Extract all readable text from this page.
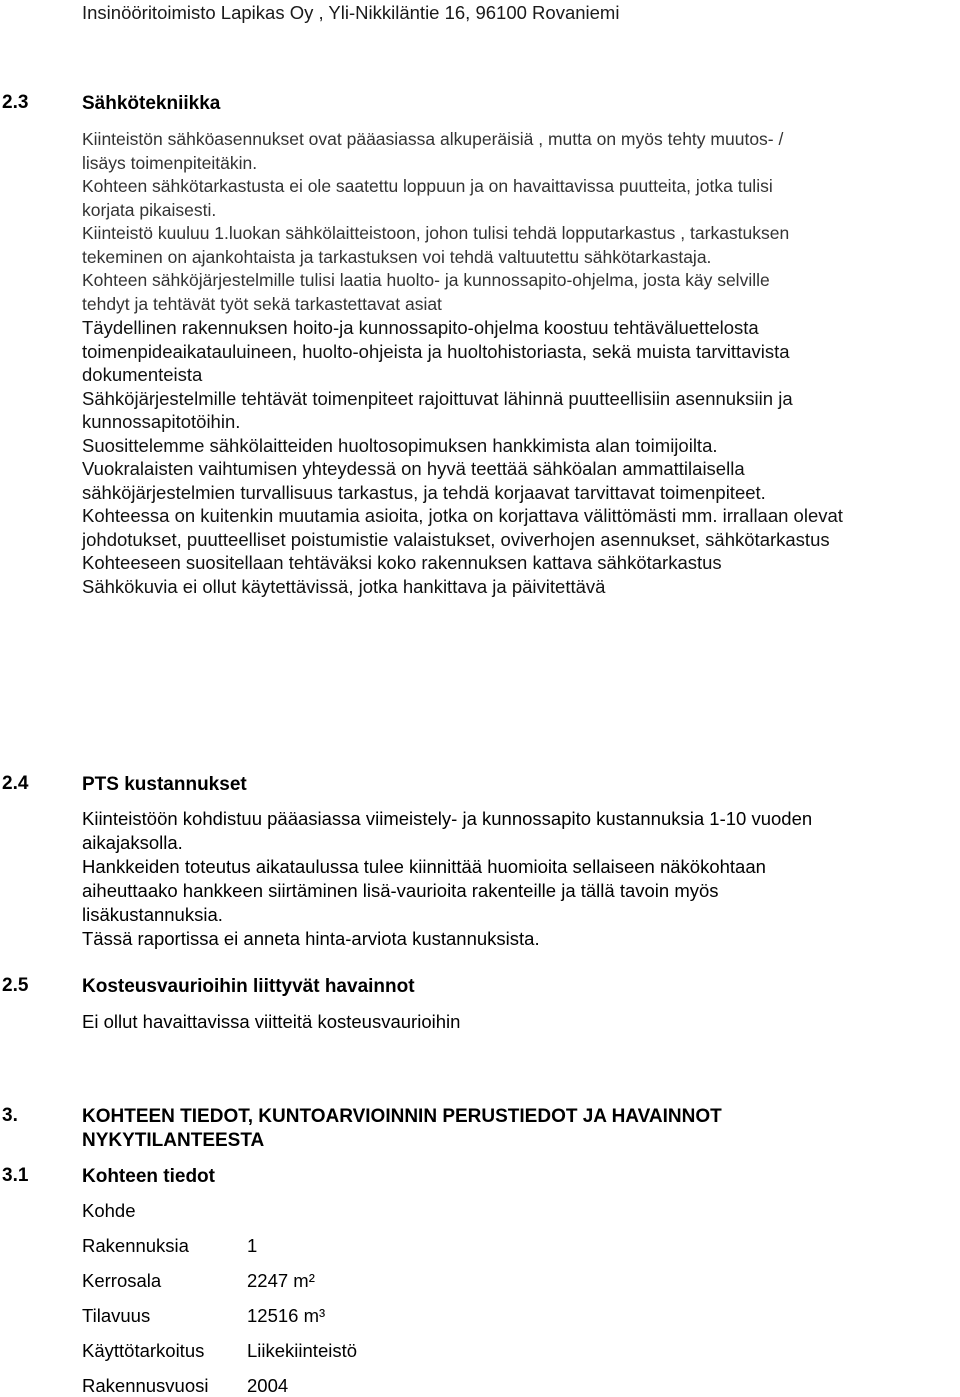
Insinööritoimisto Lapikas Oy , Yli-Nikkiläntie 16, 96100 Rovaniemi
2.3	Sähkötekniikka
Kiinteistön sähköasennukset ovat pääasiassa alkuperäisiä , mutta on myös tehty muutos- /
lisäys toimenpiteitäkin.
Kohteen sähkötarkastusta ei ole saatettu loppuun ja on havaittavissa puutteita, jotka tulisi
korjata pikaisesti.
Kiinteistö kuuluu 1.luokan sähkölaitteistoon, johon tulisi tehdä lopputarkastus , tarkastuksen
tekeminen on ajankohtaista ja tarkastuksen voi tehdä valtuutettu sähkötarkastaja.
Kohteen sähköjärjestelmille tulisi laatia huolto- ja kunnossapito-ohjelma, josta käy selville
tehdyt ja tehtävät työt sekä tarkastettavat asiat
Täydellinen rakennuksen hoito-ja kunnossapito-ohjelma koostuu tehtäväluettelosta
toimenpideaikatauluineen, huolto-ohjeista ja huoltohistoriasta, sekä muista tarvittavista
dokumenteista
Sähköjärjestelmille tehtävät toimenpiteet rajoittuvat lähinnä puutteellisiin asennuksiin ja
kunnossapitotöihin.
Suosittelemme sähkölaitteiden huoltosopimuksen hankkimista alan toimijoilta.
Vuokralaisten vaihtumisen yhteydessä on hyvä teettää sähköalan ammattilaisella
sähköjärjestelmien turvallisuus tarkastus, ja tehdä korjaavat tarvittavat toimenpiteet.
Kohteessa on kuitenkin muutamia asioita, jotka on korjattava välittömästi mm. irrallaan olevat
johdotukset, puutteelliset poistumistie valaistukset, oviverhojen asennukset, sähkötarkastus
Kohteeseen suositellaan tehtäväksi koko rakennuksen kattava sähkötarkastus
Sähkökuvia ei ollut käytettävissä, jotka hankittava ja päivitettävä
2.4	PTS kustannukset
Kiinteistöön kohdistuu pääasiassa viimeistely- ja kunnossapito kustannuksia 1-10 vuoden
aikajaksolla.
Hankkeiden toteutus aikataulussa tulee kiinnittää huomioita sellaiseen näkökohtaan
aiheuttaako hankkeen siirtäminen lisä-vaurioita rakenteille ja tällä tavoin myös
lisäkustannuksia.
Tässä raportissa ei anneta hinta-arviota kustannuksista.
2.5	Kosteusvaurioihin liittyvät havainnot
Ei ollut havaittavissa viitteitä kosteusvaurioihin
3.	KOHTEEN TIEDOT, KUNTOARVIOINNIN PERUSTIEDOT JA HAVAINNOT
NYKYTILANTEESTA
3.1	Kohteen tiedot
Kohde
Rakennuksia	1
Kerrosala	2247 m²
Tilavuus	12516 m³
Käyttötarkoitus Liikekiinteistö
Rakennusvuosi 2004
